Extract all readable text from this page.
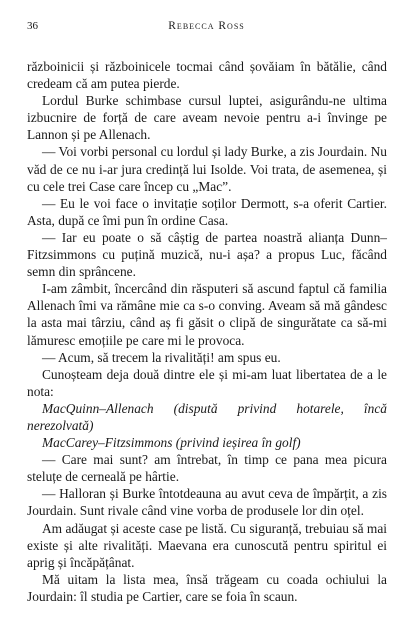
36	Rebecca Ross

războinicii și războinicele tocmai când șovăiam în bătălie, când credeam că am putea pierde.

Lordul Burke schimbase cursul luptei, asigurându-ne ultima izbucnire de forță de care aveam nevoie pentru a-i învinge pe Lannon și pe Allenach.

— Voi vorbi personal cu lordul și lady Burke, a zis Jourdain. Nu văd de ce nu i-ar jura credință lui Isolde. Voi trata, de asemenea, și cu cele trei Case care încep cu „Mac”.

— Eu le voi face o invitație soților Dermott, s-a oferit Cartier. Asta, după ce îmi pun în ordine Casa.

— Iar eu poate o să câștig de partea noastră alianța Dunn–Fitzsimmons cu puțină muzică, nu-i așa? a propus Luc, făcând semn din sprâncene.

I-am zâmbit, încercând din răsputeri să ascund faptul că familia Allenach îmi va rămâne mie ca s-o conving. Aveam să mă gândesc la asta mai târziu, când aș fi găsit o clipă de singurătate ca să-mi lămuresc emoțiile pe care mi le provoca.

— Acum, să trecem la rivalități! am spus eu.

Cunoșteam deja două dintre ele și mi-am luat libertatea de a le nota:

MacQuinn–Allenach (dispută privind hotarele, încă nerezolvată)

MacCarey–Fitzsimmons (privind ieșirea în golf)

— Care mai sunt? am întrebat, în timp ce pana mea picura steluțe de cerneală pe hârtie.

— Halloran și Burke întotdeauna au avut ceva de împărțit, a zis Jourdain. Sunt rivale când vine vorba de produsele lor din oțel.

Am adăugat și aceste case pe listă. Cu siguranță, trebuiau să mai existe și alte rivalități. Maevana era cunoscută pentru spiritul ei aprig și încăpățânat.

Mă uitam la lista mea, însă trăgeam cu coada ochiului la Jourdain: îl studia pe Cartier, care se foia în scaun.
